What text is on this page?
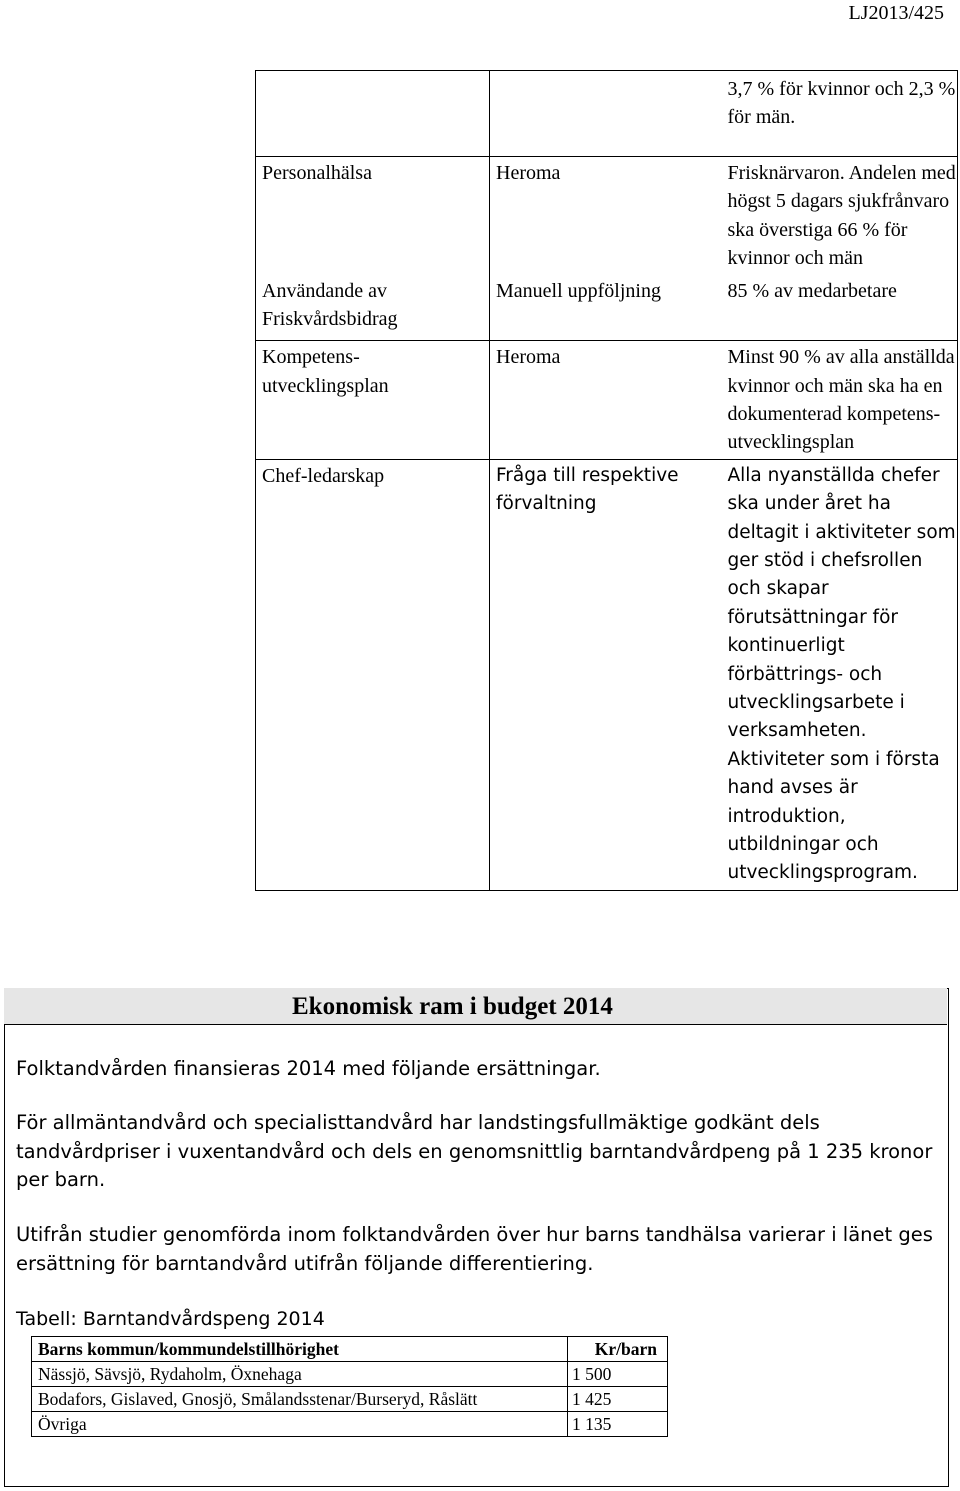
LJ2013/425

		3,7 % för kvinnor och 2,3 % för män.

Personalhälsa	Heroma	Frisknärvaron. Andelen med högst 5 dagars sjukfrånvaro ska överstiga 66 % för kvinnor och män
Användande av Friskvårdsbidrag	Manuell uppföljning	85 % av medarbetare
Kompetens-utvecklingsplan	Heroma	Minst 90 % av alla anställda kvinnor och män ska ha en dokumenterad kompetens-utvecklingsplan
Chef-ledarskap	Fråga till respektive förvaltning	Alla nyanställda chefer ska under året ha deltagit i aktiviteter som ger stöd i chefsrollen och skapar förutsättningar för kontinuerligt förbättrings- och utvecklingsarbete i verksamheten. Aktiviteter som i första hand avses är introduktion, utbildningar och utvecklingsprogram.
Ekonomisk ram i budget 2014

Folktandvården finansieras 2014 med följande ersättningar.

För allmäntandvård och specialisttandvård har landstingsfullmäktige godkänt dels tandvårdpriser i vuxentandvård och dels en genomsnittlig barntandvårdpeng på 1 235 kronor per barn.

Utifrån studier genomförda inom folktandvården över hur barns tandhälsa varierar i länet ges ersättning för barntandvård utifrån följande differentiering.

Tabell: Barntandvårdspeng 2014
Barns kommun/kommundelstillhörighet	Kr/barn
Nässjö, Sävsjö, Rydaholm, Öxnehaga	1 500
Bodafors, Gislaved, Gnosjö, Smålandsstenar/Burseryd, Råslätt	1 425
Övriga	1 135
